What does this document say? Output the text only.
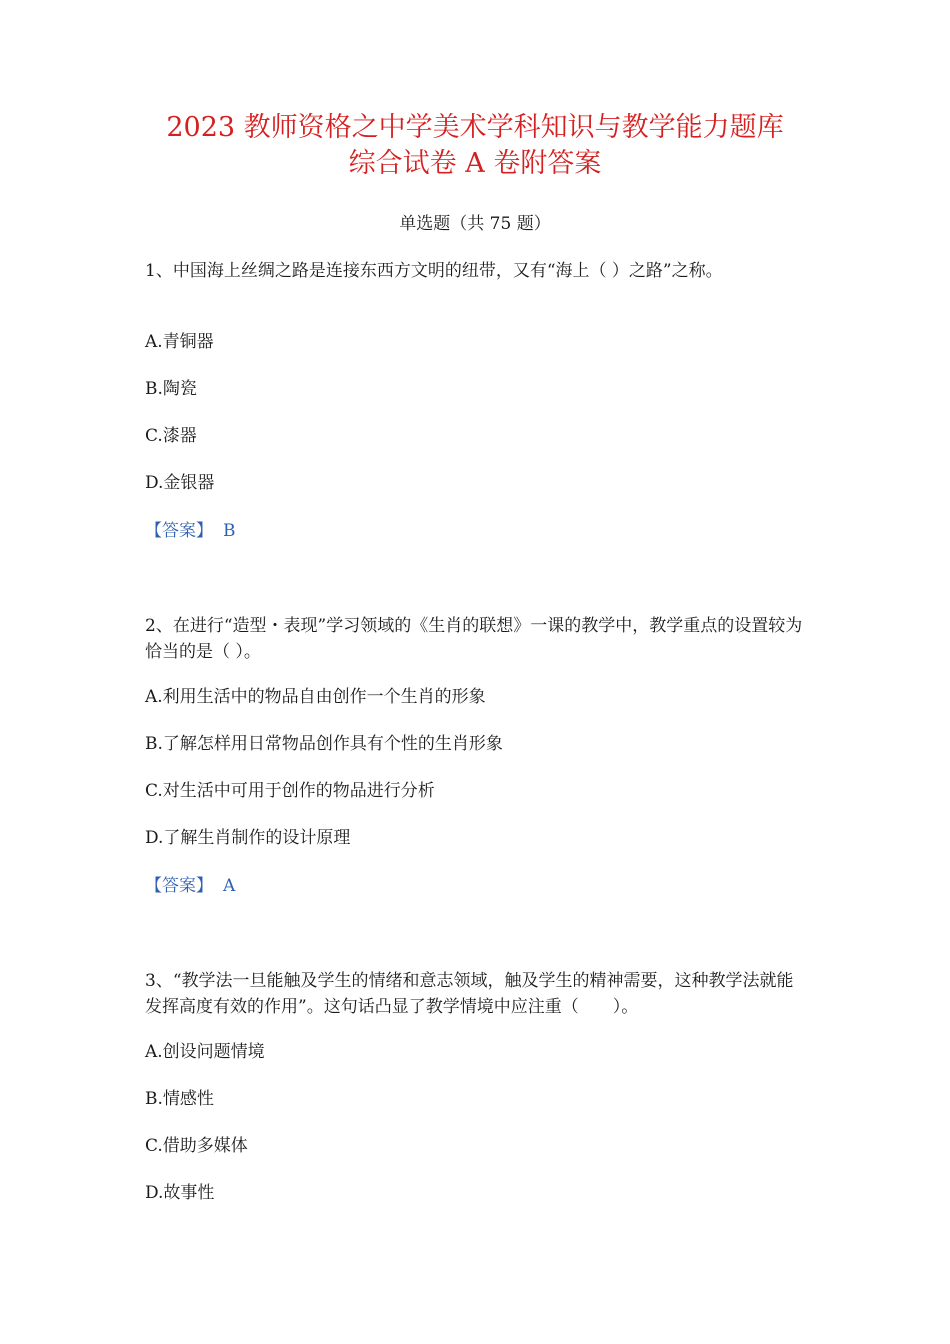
2023 教师资格之中学美术学科知识与教学能力题库
综合试卷 A 卷附答案
单选题（共 75 题）
1、中国海上丝绸之路是连接东西方文明的纽带，又有“海上（ ）之路”之称。
A.青铜器
B.陶瓷
C.漆器
D.金银器
【答案】 B
2、在进行“造型・表现”学习领域的《生肖的联想》一课的教学中，教学重点的设置较为恰当的是（ ）。
A.利用生活中的物品自由创作一个生肖的形象
B.了解怎样用日常物品创作具有个性的生肖形象
C.对生活中可用于创作的物品进行分析
D.了解生肖制作的设计原理
【答案】 A
3、“教学法一旦能触及学生的情绪和意志领域，触及学生的精神需要，这种教学法就能发挥高度有效的作用”。这句话凸显了教学情境中应注重（　　）。
A.创设问题情境
B.情感性
C.借助多媒体
D.故事性
